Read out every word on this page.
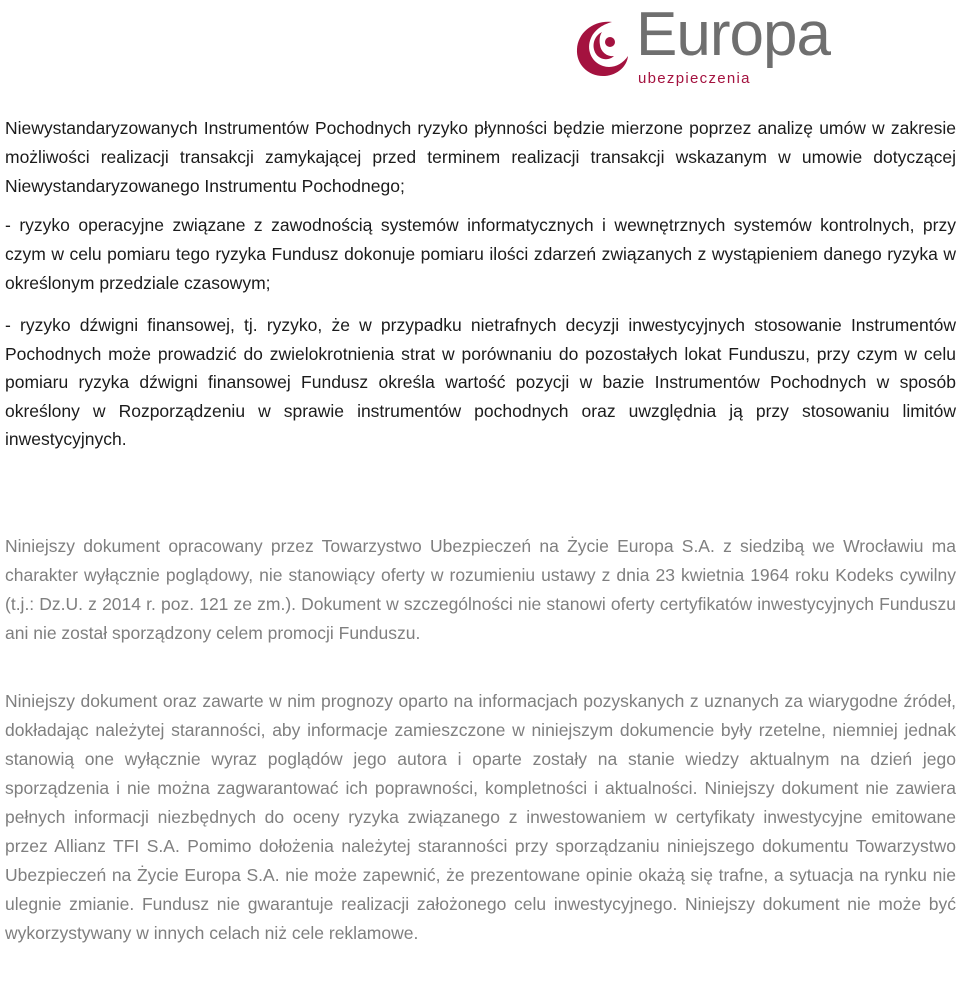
Europa
ubezpieczenia

Niewystandaryzowanych Instrumentów Pochodnych ryzyko płynności będzie mierzone poprzez analizę umów w zakresie możliwości realizacji transakcji zamykającej przed terminem realizacji transakcji wskazanym w umowie dotyczącej Niewystandaryzowanego Instrumentu Pochodnego;

- ryzyko operacyjne związane z zawodnością systemów informatycznych i wewnętrznych systemów kontrolnych, przy czym w celu pomiaru tego ryzyka Fundusz dokonuje pomiaru ilości zdarzeń związanych z wystąpieniem danego ryzyka w określonym przedziale czasowym;

- ryzyko dźwigni finansowej, tj. ryzyko, że w przypadku nietrafnych decyzji inwestycyjnych stosowanie Instrumentów Pochodnych może prowadzić do zwielokrotnienia strat w porównaniu do pozostałych lokat Funduszu, przy czym w celu pomiaru ryzyka dźwigni finansowej Fundusz określa wartość pozycji w bazie Instrumentów Pochodnych w sposób określony w Rozporządzeniu w sprawie instrumentów pochodnych oraz uwzględnia ją przy stosowaniu limitów inwestycyjnych.

Niniejszy dokument opracowany przez Towarzystwo Ubezpieczeń na Życie Europa S.A. z siedzibą we Wrocławiu ma charakter wyłącznie poglądowy, nie stanowiący oferty w rozumieniu ustawy z dnia 23 kwietnia 1964 roku Kodeks cywilny (t.j.: Dz.U. z 2014 r. poz. 121 ze zm.). Dokument w szczególności nie stanowi oferty certyfikatów inwestycyjnych Funduszu ani nie został sporządzony celem promocji Funduszu.

Niniejszy dokument oraz zawarte w nim prognozy oparto na informacjach pozyskanych z uznanych za wiarygodne źródeł, dokładając należytej staranności, aby informacje zamieszczone w niniejszym dokumencie były rzetelne, niemniej jednak stanowią one wyłącznie wyraz poglądów jego autora i oparte zostały na stanie wiedzy aktualnym na dzień jego sporządzenia i nie można zagwarantować ich poprawności, kompletności i aktualności. Niniejszy dokument nie zawiera pełnych informacji niezbędnych do oceny ryzyka związanego z inwestowaniem w certyfikaty inwestycyjne emitowane przez Allianz TFI S.A. Pomimo dołożenia należytej staranności przy sporządzaniu niniejszego dokumentu Towarzystwo Ubezpieczeń na Życie Europa S.A. nie może zapewnić, że prezentowane opinie okażą się trafne, a sytuacja na rynku nie ulegnie zmianie. Fundusz nie gwarantuje realizacji założonego celu inwestycyjnego. Niniejszy dokument nie może być wykorzystywany w innych celach niż cele reklamowe.
